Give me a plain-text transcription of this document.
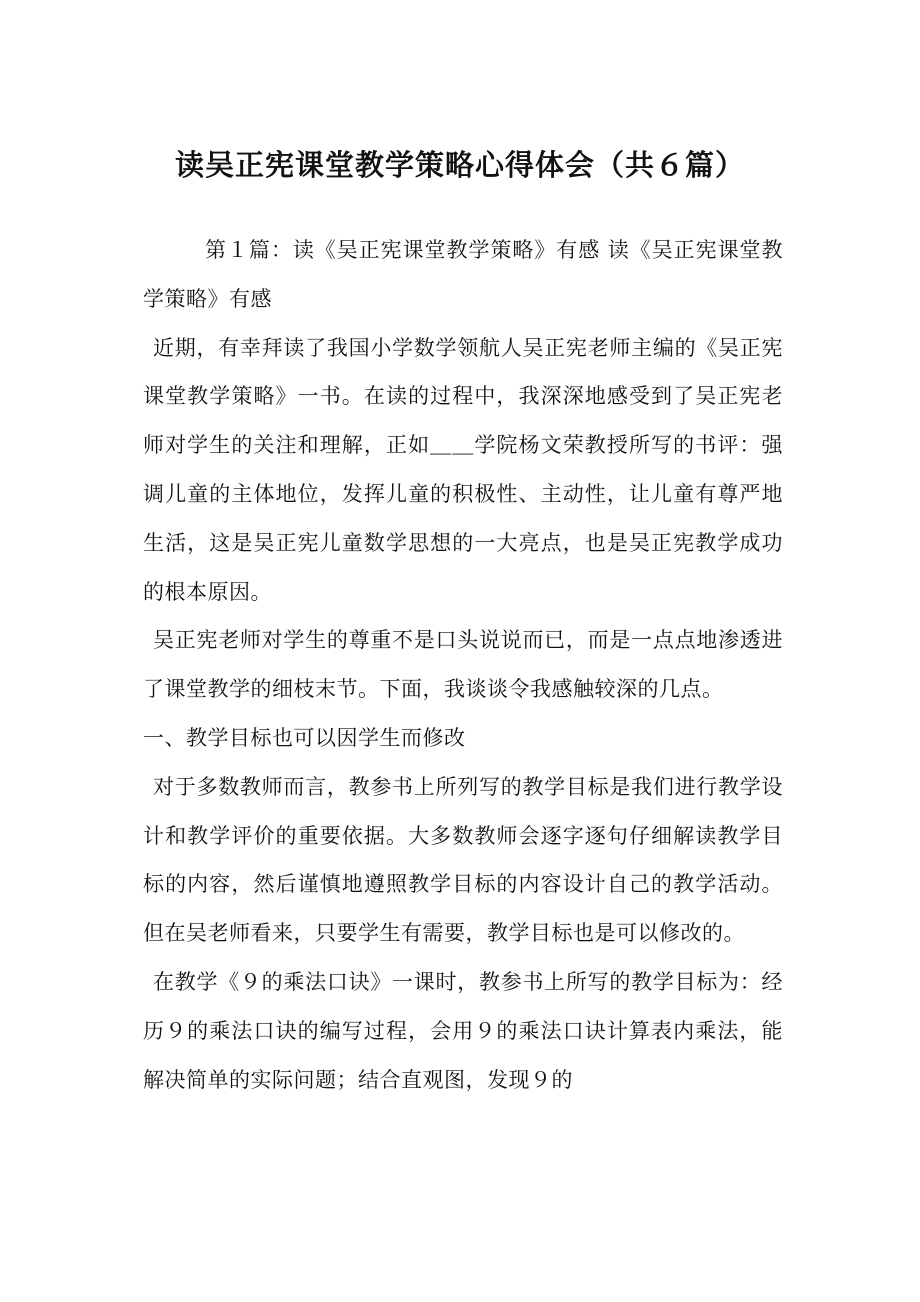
读吴正宪课堂教学策略心得体会（共６篇）

第１篇：读《吴正宪课堂教学策略》有感 读《吴正宪课堂教学策略》有感

近期，有幸拜读了我国小学数学领航人吴正宪老师主编的《吴正宪课堂教学策略》一书。在读的过程中，我深深地感受到了吴正宪老师对学生的关注和理解，正如＿＿学院杨文荣教授所写的书评：强调儿童的主体地位，发挥儿童的积极性、主动性，让儿童有尊严地生活，这是吴正宪儿童数学思想的一大亮点，也是吴正宪教学成功的根本原因。

吴正宪老师对学生的尊重不是口头说说而已，而是一点点地渗透进了课堂教学的细枝末节。下面，我谈谈令我感触较深的几点。

一、教学目标也可以因学生而修改

对于多数教师而言，教参书上所列写的教学目标是我们进行教学设计和教学评价的重要依据。大多数教师会逐字逐句仔细解读教学目标的内容，然后谨慎地遵照教学目标的内容设计自己的教学活动。但在吴老师看来，只要学生有需要，教学目标也是可以修改的。

在教学《９的乘法口诀》一课时，教参书上所写的教学目标为：经历９的乘法口诀的编写过程，会用９的乘法口诀计算表内乘法，能解决简单的实际问题；结合直观图，发现９的
